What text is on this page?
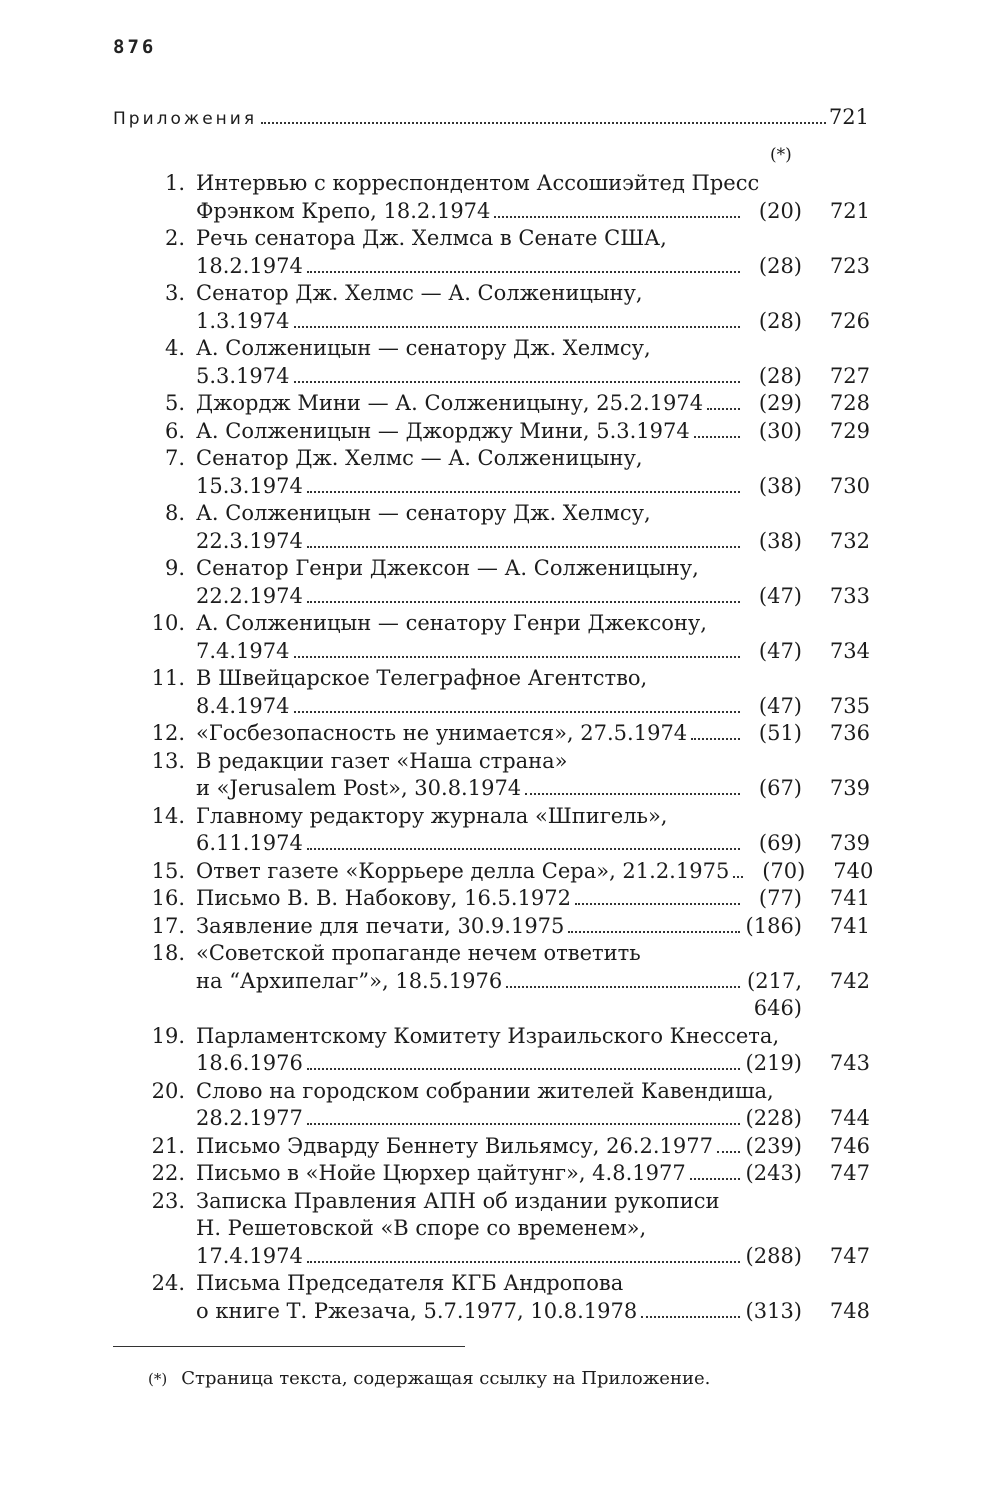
876
Приложения	721
(*)
1. Интервью с корреспондентом Ассошиэйтед Пресс
Фрэнком Крепо, 18.2.1974	(20)	721
2. Речь сенатора Дж. Хелмса в Сенате США,
18.2.1974	(28)	723
3. Сенатор Дж. Хелмс — А. Солженицыну,
1.3.1974	(28)	726
4. А. Солженицын — сенатору Дж. Хелмсу,
5.3.1974	(28)	727
5. Джордж Мини — А. Солженицыну, 25.2.1974	(29)	728
6. А. Солженицын — Джорджу Мини, 5.3.1974	(30)	729
7. Сенатор Дж. Хелмс — А. Солженицыну,
15.3.1974	(38)	730
8. А. Солженицын — сенатору Дж. Хелмсу,
22.3.1974	(38)	732
9. Сенатор Генри Джексон — А. Солженицыну,
22.2.1974	(47)	733
10. А. Солженицын — сенатору Генри Джексону,
7.4.1974	(47)	734
11. В Швейцарское Телеграфное Агентство,
8.4.1974	(47)	735
12. «Госбезопасность не унимается», 27.5.1974	(51)	736
13. В редакции газет «Наша страна»
и «Jerusalem Post», 30.8.1974	(67)	739
14. Главному редактору журнала «Шпигель»,
6.11.1974	(69)	739
15. Ответ газете «Коррьере делла Сера», 21.2.1975	(70)	740
16. Письмо В. В. Набокову, 16.5.1972	(77)	741
17. Заявление для печати, 30.9.1975	(186)	741
18. «Советской пропаганде нечем ответить
на “Архипелаг”», 18.5.1976	(217,	742
646)
19. Парламентскому Комитету Израильского Кнессета,
18.6.1976	(219)	743
20. Слово на городском собрании жителей Кавендиша,
28.2.1977	(228)	744
21. Письмо Эдварду Беннету Вильямсу, 26.2.1977 (239)	746
22. Письмо в «Нойе Цюрхер цайтунг», 4.8.1977	(243)	747
23. Записка Правления АПН об издании рукописи
Н. Решетовской «В споре со временем»,
17.4.1974	(288)	747
24. Письма Председателя КГБ Андропова
о книге Т. Ржезача, 5.7.1977, 10.8.1978	(313)	748
(*) Страница текста, содержащая ссылку на Приложение.
